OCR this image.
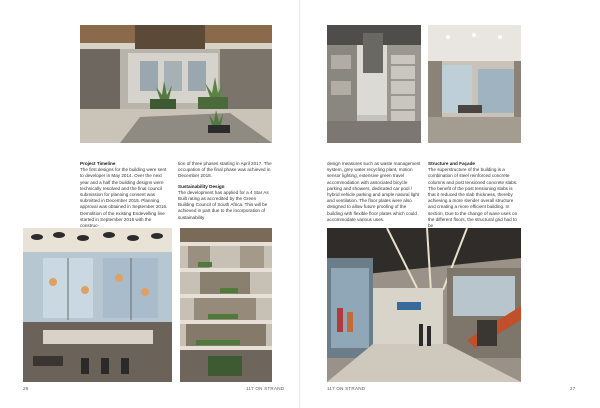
Project Timeline

The first designs for the building were sent to developer in May 2014. Over the next year and a half the building designs were technically resolved and the final council submission for planning consent was submitted in December 2015. Planning approval was obtained in September 2016. Demolition of the existing Endevelling line started in September 2016 with the construc-

tion of three phases starting in April 2017. The occupation of the final phase was achieved in December 2018.

Sustainability Design

The development has applied for a 4 Star As Built rating as accredited by the Green Building Council of South Africa. This will be achieved in part due to the incorporation of sustainability

26	117 ON STRAND

design measures such as waste management system, grey water recycling plant, motion sensor lighting, extensive green travel accommodation with associated bicycle parking and showers, dedicated car pool / hybrid vehicle parking and ample natural light and ventilation. The floor plates were also designed to allow future proofing of the building with flexible floor plates which could accommodate various uses.

Structure and Façade

The superstructure of the building is a combination of steel reinforced concrete columns and post tensioned concrete slabs. The benefit of the post tensioning slabs is that it reduced the slab thickness, thereby achieving a more slender overall structure and creating a more efficient building. In section, Due to the change of wave uses on the different floors, the structural grid had to be

117 ON STRAND	27
